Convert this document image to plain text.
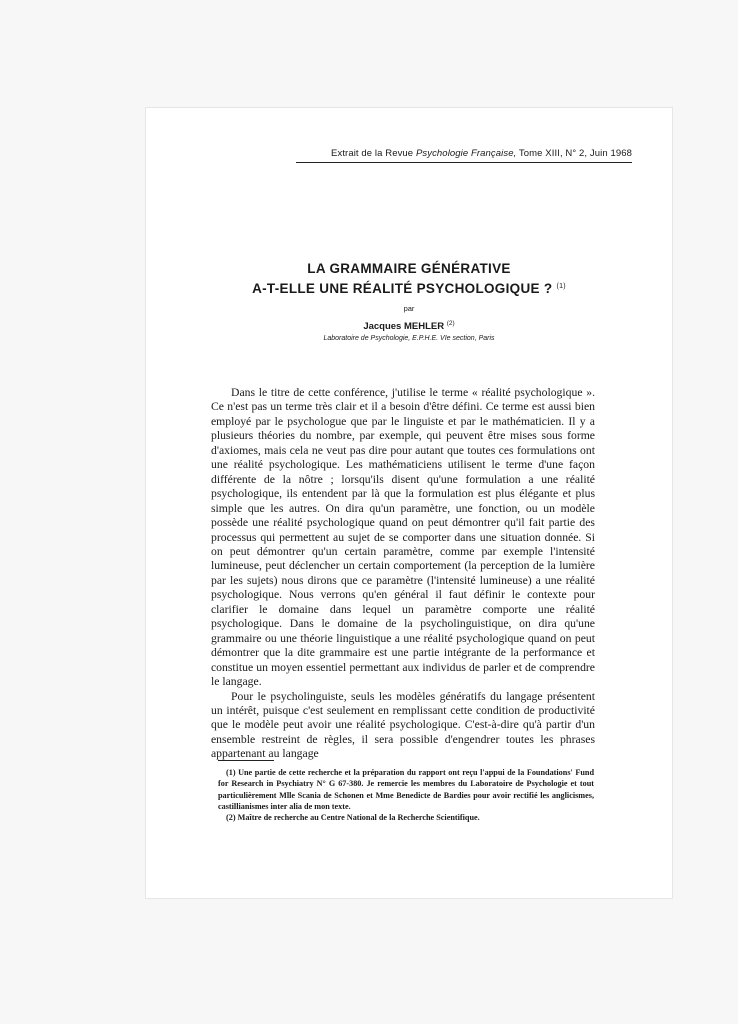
Extrait de la Revue Psychologie Française, Tome XIII, N° 2, Juin 1968
LA GRAMMAIRE GÉNÉRATIVE
A-T-ELLE UNE RÉALITÉ PSYCHOLOGIQUE ? $^{(1)}$
par
Jacques MEHLER $^{(2)}$
Laboratoire de Psychologie, E.P.H.E. VIe section, Paris

Dans le titre de cette conférence, j'utilise le terme « réalité psychologique ». Ce n'est pas un terme très clair et il a besoin d'être défini. Ce terme est aussi bien employé par le psychologue que par le linguiste et par le mathématicien. Il y a plusieurs théories du nombre, par exemple, qui peuvent être mises sous forme d'axiomes, mais cela ne veut pas dire pour autant que toutes ces formulations ont une réalité psychologique. Les mathématiciens utilisent le terme d'une façon différente de la nôtre ; lorsqu'ils disent qu'une formulation a une réalité psychologique, ils entendent par là que la formulation est plus élégante et plus simple que les autres. On dira qu'un paramètre, une fonction, ou un modèle possède une réalité psychologique quand on peut démontrer qu'il fait partie des processus qui permettent au sujet de se comporter dans une situation donnée. Si on peut démontrer qu'un certain paramètre, comme par exemple l'intensité lumineuse, peut déclencher un certain comportement (la perception de la lumière par les sujets) nous dirons que ce paramètre (l'intensité lumineuse) a une réalité psychologique. Nous verrons qu'en général il faut définir le contexte pour clarifier le domaine dans lequel un paramètre comporte une réalité psychologique. Dans le domaine de la psycholinguistique, on dira qu'une grammaire ou une théorie linguistique a une réalité psychologique quand on peut démontrer que la dite grammaire est une partie intégrante de la performance et constitue un moyen essentiel permettant aux individus de parler et de comprendre le langage.

Pour le psycholinguiste, seuls les modèles génératifs du langage présentent un intérêt, puisque c'est seulement en remplissant cette condition de productivité que le modèle peut avoir une réalité psychologique. C'est-à-dire qu'à partir d'un ensemble restreint de règles, il sera possible d'engendrer toutes les phrases appartenant au langage

(1) Une partie de cette recherche et la préparation du rapport ont reçu l'appui de la Foundations' Fund for Research in Psychiatry N° G 67-380. Je remercie les membres du Laboratoire de Psychologie et tout particulièrement Mlle Scania de Schonen et Mme Benedicte de Bardies pour avoir rectifié les anglicismes, castillianismes inter alia de mon texte.

(2) Maître de recherche au Centre National de la Recherche Scientifique.
